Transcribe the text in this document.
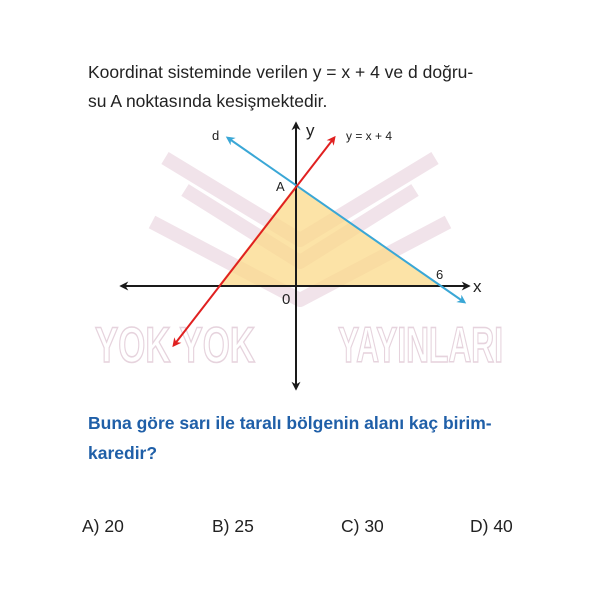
Koordinat sisteminde verilen y = x + 4 ve d doğru-
su A noktasında kesişmektedir.
YOK YOK YAYINLARI
y
x
0
A
d	y = x + 4
6
Buna göre sarı ile taralı bölgenin alanı kaç birim-
karedir?
A) 20	B) 25	C) 30	D) 40
